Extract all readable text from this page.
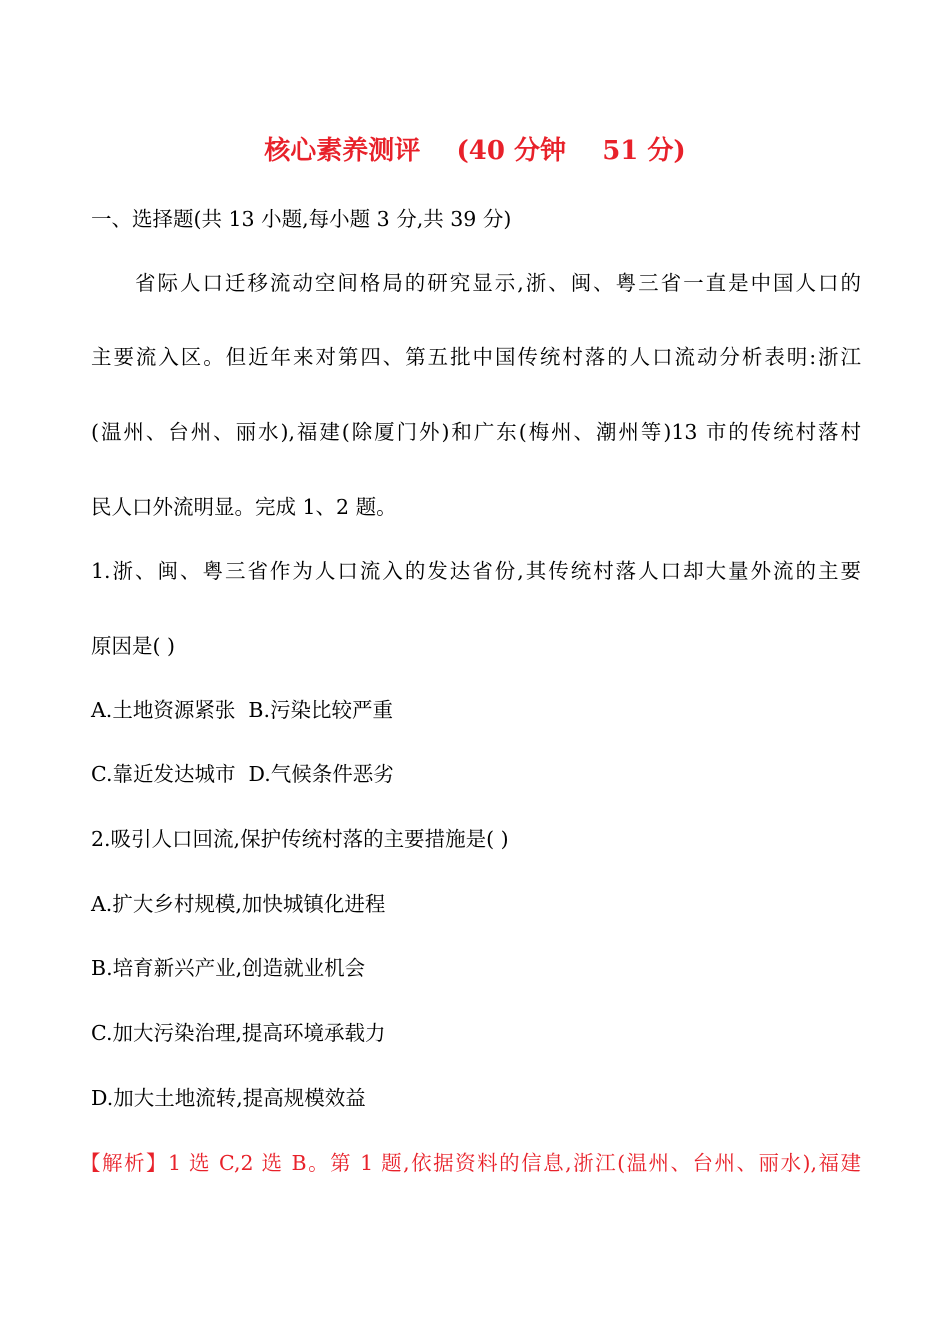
核心素养测评    (40 分钟    51 分)
一、选择题(共 13 小题,每小题 3 分,共 39 分)
省际人口迁移流动空间格局的研究显示,浙、闽、粤三省一直是中国人口的
主要流入区。但近年来对第四、第五批中国传统村落的人口流动分析表明:浙江
(温州、台州、丽水),福建(除厦门外)和广东(梅州、潮州等)13 市的传统村落村
民人口外流明显。完成 1、2 题。
1.浙、闽、粤三省作为人口流入的发达省份,其传统村落人口却大量外流的主要
原因是( )
A.土地资源紧张 B.污染比较严重
C.靠近发达城市 D.气候条件恶劣
2.吸引人口回流,保护传统村落的主要措施是( )
A.扩大乡村规模,加快城镇化进程
B.培育新兴产业,创造就业机会
C.加大污染治理,提高环境承载力
D.加大土地流转,提高规模效益
【解析】1 选 C,2 选 B。第 1 题,依据资料的信息,浙江(温州、台州、丽水),福建
